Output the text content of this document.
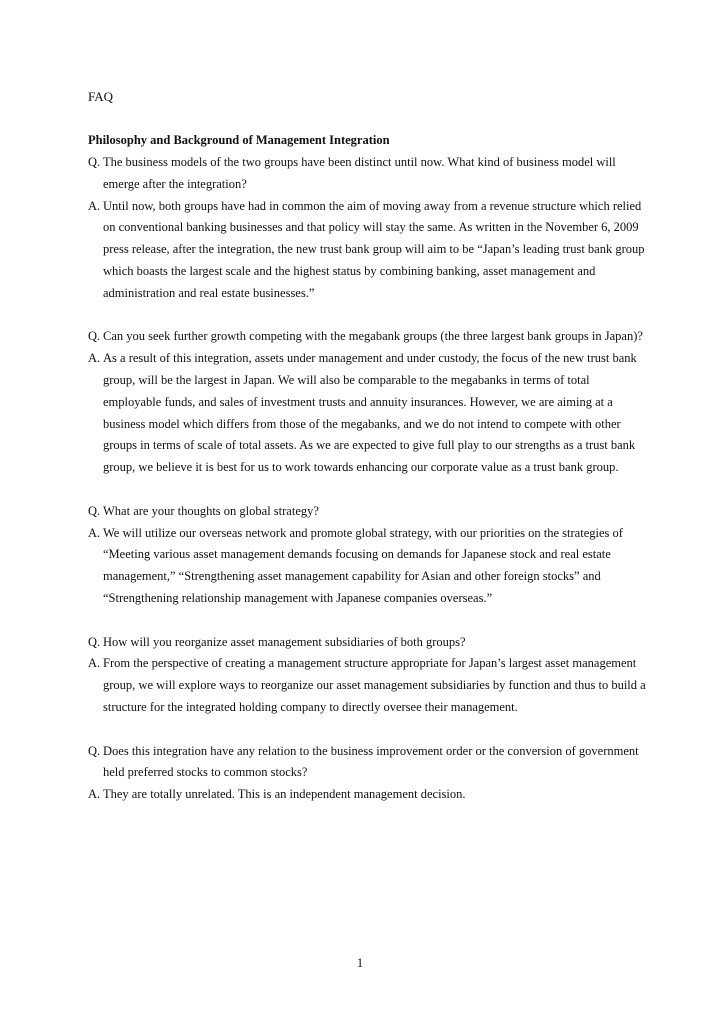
FAQ
Philosophy and Background of Management Integration
Q. The business models of the two groups have been distinct until now. What kind of business model will emerge after the integration?
A. Until now, both groups have had in common the aim of moving away from a revenue structure which relied on conventional banking businesses and that policy will stay the same. As written in the November 6, 2009 press release, after the integration, the new trust bank group will aim to be “Japan’s leading trust bank group which boasts the largest scale and the highest status by combining banking, asset management and administration and real estate businesses.”
Q. Can you seek further growth competing with the megabank groups (the three largest bank groups in Japan)?
A. As a result of this integration, assets under management and under custody, the focus of the new trust bank group, will be the largest in Japan. We will also be comparable to the megabanks in terms of total employable funds, and sales of investment trusts and annuity insurances. However, we are aiming at a business model which differs from those of the megabanks, and we do not intend to compete with other groups in terms of scale of total assets. As we are expected to give full play to our strengths as a trust bank group, we believe it is best for us to work towards enhancing our corporate value as a trust bank group.
Q. What are your thoughts on global strategy?
A. We will utilize our overseas network and promote global strategy, with our priorities on the strategies of “Meeting various asset management demands focusing on demands for Japanese stock and real estate management,” “Strengthening asset management capability for Asian and other foreign stocks” and “Strengthening relationship management with Japanese companies overseas.”
Q. How will you reorganize asset management subsidiaries of both groups?
A. From the perspective of creating a management structure appropriate for Japan’s largest asset management group, we will explore ways to reorganize our asset management subsidiaries by function and thus to build a structure for the integrated holding company to directly oversee their management.
Q. Does this integration have any relation to the business improvement order or the conversion of government held preferred stocks to common stocks?
A. They are totally unrelated. This is an independent management decision.
1
